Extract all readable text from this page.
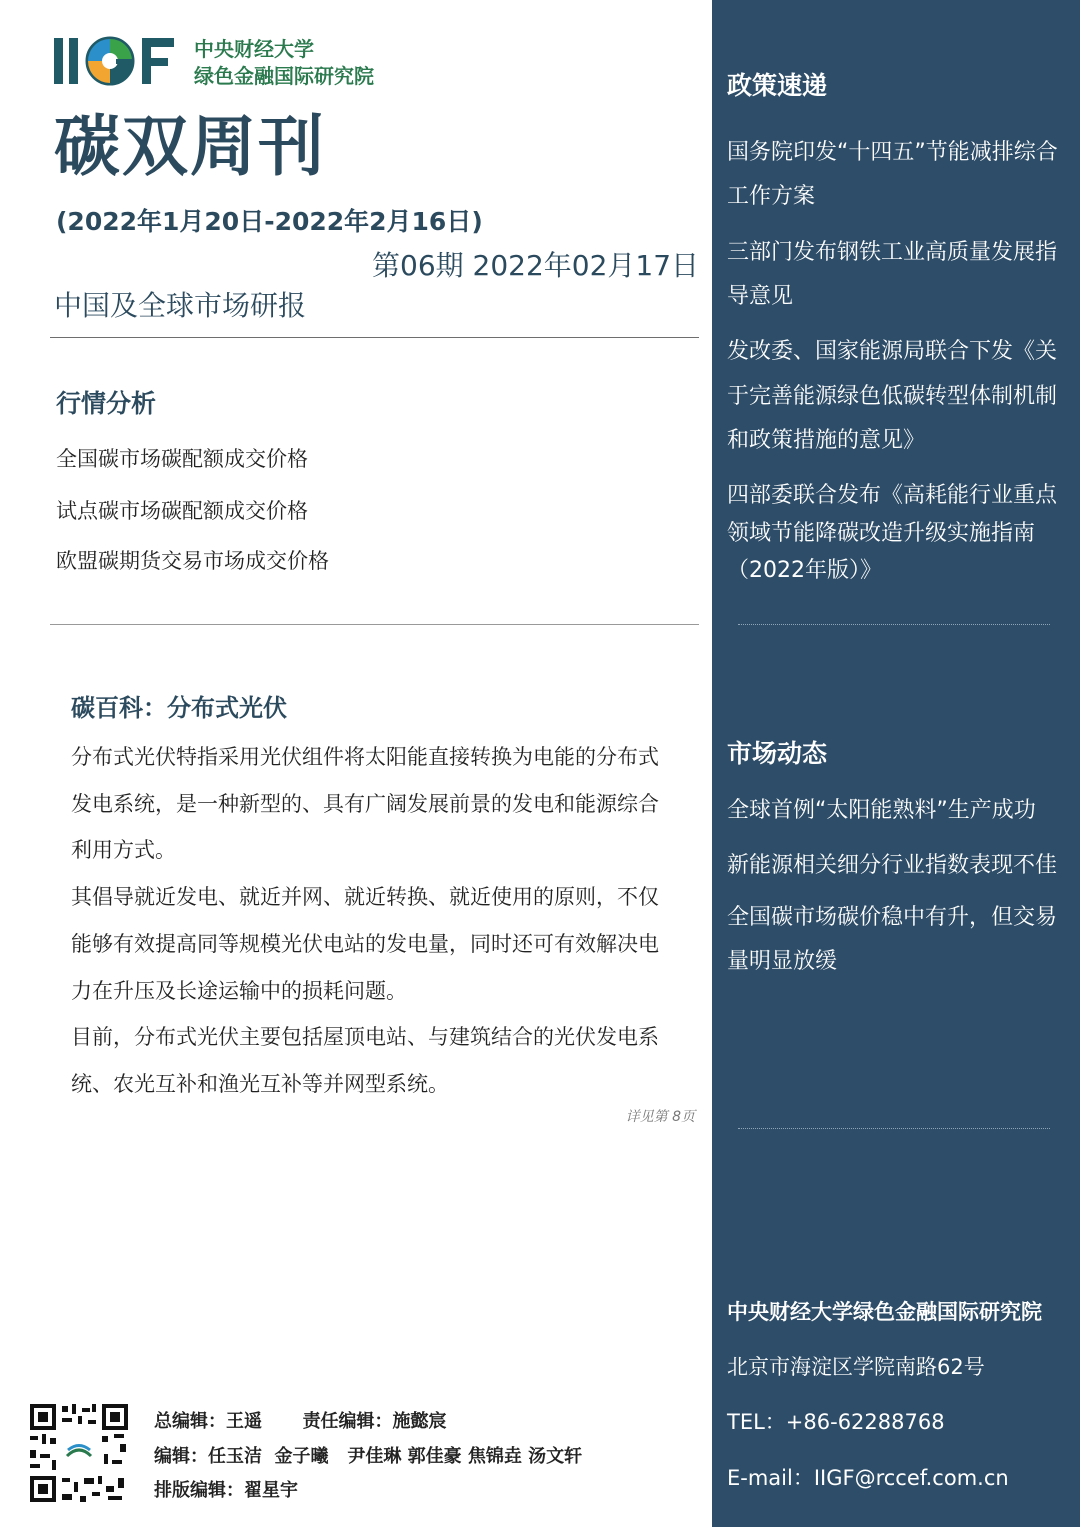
中央财经大学
绿色金融国际研究院
碳双周刊
(2022年1月20日-2022年2月16日)
第06期 2022年02月17日
中国及全球市场研报
行情分析
全国碳市场碳配额成交价格
试点碳市场碳配额成交价格
欧盟碳期货交易市场成交价格
碳百科：分布式光伏

分布式光伏特指采用光伏组件将太阳能直接转换为电能的分布式发电系统，是一种新型的、具有广阔发展前景的发电和能源综合利用方式。

其倡导就近发电、就近并网、就近转换、就近使用的原则，不仅能够有效提高同等规模光伏电站的发电量，同时还可有效解决电力在升压及长途运输中的损耗问题。

目前，分布式光伏主要包括屋顶电站、与建筑结合的光伏发电系统、农光互补和渔光互补等并网型系统。

详见第 8页
总编辑：王遥 责任编辑：施懿宸
编辑：任玉洁  金子曦   尹佳琳 郭佳豪 焦锦垚 汤文轩
排版编辑：翟星宇
政策速递
国务院印发“十四五”节能减排综合工作方案
三部门发布钢铁工业高质量发展指导意见
发改委、国家能源局联合下发《关于完善能源绿色低碳转型体制机制和政策措施的意见》
四部委联合发布《高耗能行业重点领域节能降碳改造升级实施指南（2022年版）》
市场动态
全球首例“太阳能熟料”生产成功
新能源相关细分行业指数表现不佳
全国碳市场碳价稳中有升，但交易量明显放缓
中央财经大学绿色金融国际研究院
北京市海淀区学院南路62号
TEL：+86-62288768
E-mail：IIGF@rccef.com.cn
